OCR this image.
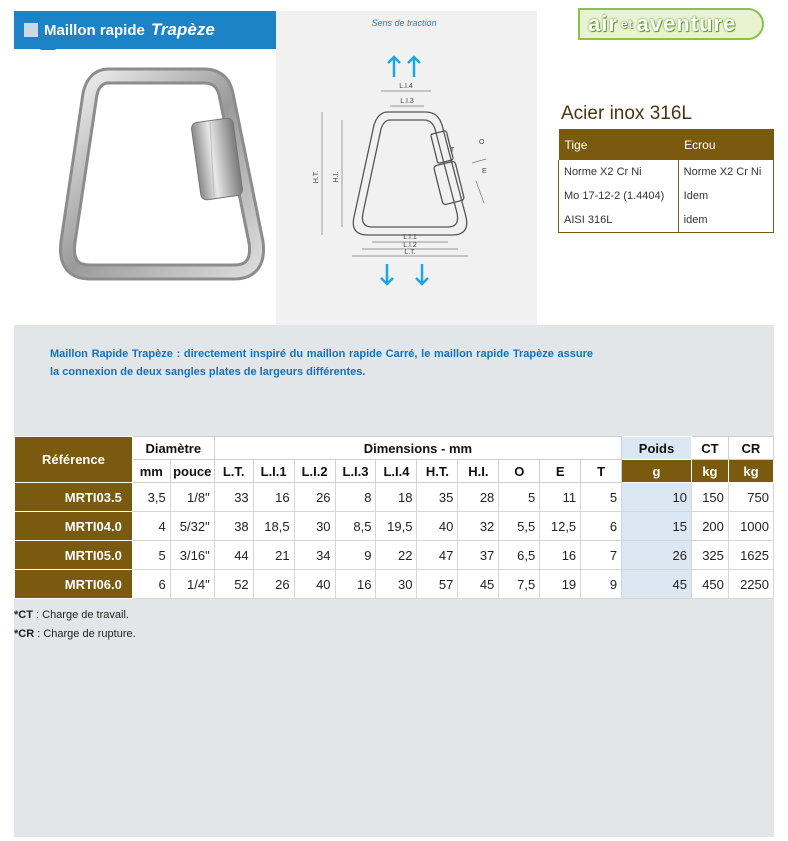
Maillon rapide Trapèze	Sens de traction
L.I.4
L.I.3
H.T. H.I.
O
T
E
L.I.1
L.I.2
L.T.
air et aventure
Acier inox 316L
Tige	Ecrou
Norme X2 Cr Ni	Norme X2 Cr Ni
Mo 17-12-2 (1.4404)	Idem
AISI 316L	idem
Maillon Rapide Trapèze : directement inspiré du maillon rapide Carré, le maillon rapide Trapèze assure la connexion de deux sangles plates de largeurs différentes.
Référence	Diamètre		Dimensions - mm										Poids	CT	CR
	mm	pouce	L.T.	L.I.1	L.I.2	L.I.3	L.I.4	H.T.	H.I.	O	E	T	g	kg	kg
MRTI03.5	3,5	1/8"	33	16	26	8	18	35	28	5	11	5	10	150	750
MRTI04.0	4	5/32"	38	18,5	30	8,5	19,5	40	32	5,5	12,5	6	15	200	1000
MRTI05.0	5	3/16"	44	21	34	9	22	47	37	6,5	16	7	26	325	1625
MRTI06.0	6	1/4"	52	26	40	16	30	57	45	7,5	19	9	45	450	2250
*CT : Charge de travail.
*CR : Charge de rupture.
